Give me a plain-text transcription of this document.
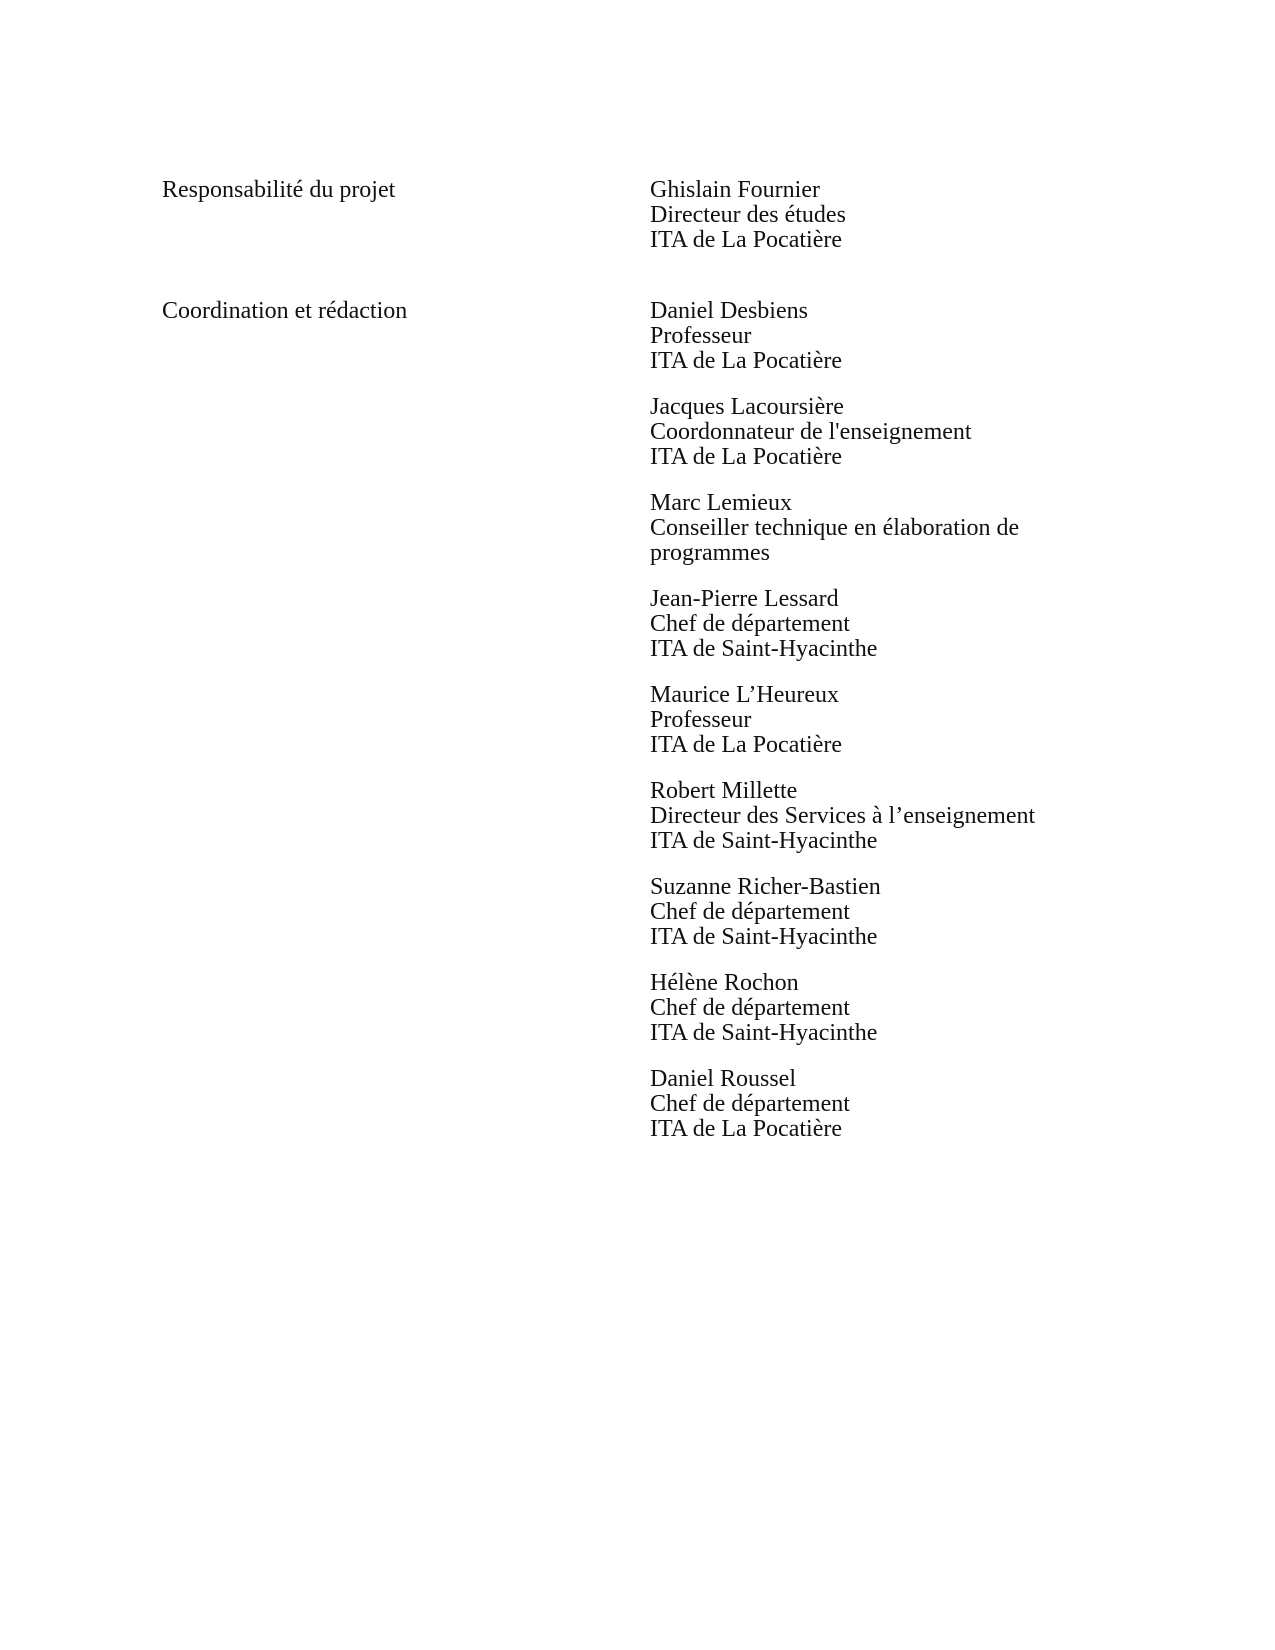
Responsabilité du projet	Ghislain Fournier
Directeur des études
ITA de La Pocatière
Coordination et rédaction	Daniel Desbiens
Professeur
ITA de La Pocatière
Jacques Lacoursière
Coordonnateur de l'enseignement
ITA de La Pocatière
Marc Lemieux
Conseiller technique en élaboration de programmes
Jean-Pierre Lessard
Chef de département
ITA de Saint-Hyacinthe
Maurice L’Heureux
Professeur
ITA de La Pocatière
Robert Millette
Directeur des Services à l’enseignement
ITA de Saint-Hyacinthe
Suzanne Richer-Bastien
Chef de département
ITA de Saint-Hyacinthe
Hélène Rochon
Chef de département
ITA de Saint-Hyacinthe
Daniel Roussel
Chef de département
ITA de La Pocatière
